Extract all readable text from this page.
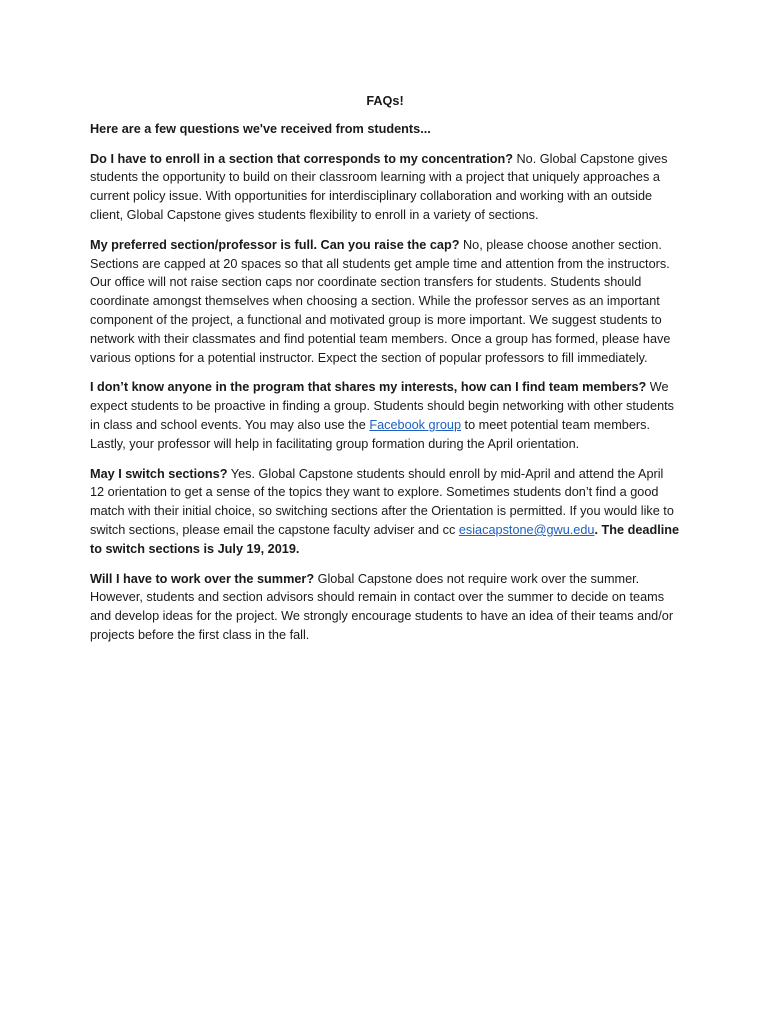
FAQs!

Here are a few questions we've received from students...

Do I have to enroll in a section that corresponds to my concentration? No. Global Capstone gives students the opportunity to build on their classroom learning with a project that uniquely approaches a current policy issue. With opportunities for interdisciplinary collaboration and working with an outside client, Global Capstone gives students flexibility to enroll in a variety of sections.

My preferred section/professor is full. Can you raise the cap? No, please choose another section. Sections are capped at 20 spaces so that all students get ample time and attention from the instructors. Our office will not raise section caps nor coordinate section transfers for students. Students should coordinate amongst themselves when choosing a section. While the professor serves as an important component of the project, a functional and motivated group is more important. We suggest students to network with their classmates and find potential team members. Once a group has formed, please have various options for a potential instructor. Expect the section of popular professors to fill immediately.

I don’t know anyone in the program that shares my interests, how can I find team members? We expect students to be proactive in finding a group. Students should begin networking with other students in class and school events. You may also use the Facebook group to meet potential team members. Lastly, your professor will help in facilitating group formation during the April orientation.

May I switch sections? Yes. Global Capstone students should enroll by mid-April and attend the April 12 orientation to get a sense of the topics they want to explore. Sometimes students don’t find a good match with their initial choice, so switching sections after the Orientation is permitted. If you would like to switch sections, please email the capstone faculty adviser and cc esiacapstone@gwu.edu. The deadline to switch sections is July 19, 2019.

Will I have to work over the summer? Global Capstone does not require work over the summer. However, students and section advisors should remain in contact over the summer to decide on teams and develop ideas for the project. We strongly encourage students to have an idea of their teams and/or projects before the first class in the fall.
